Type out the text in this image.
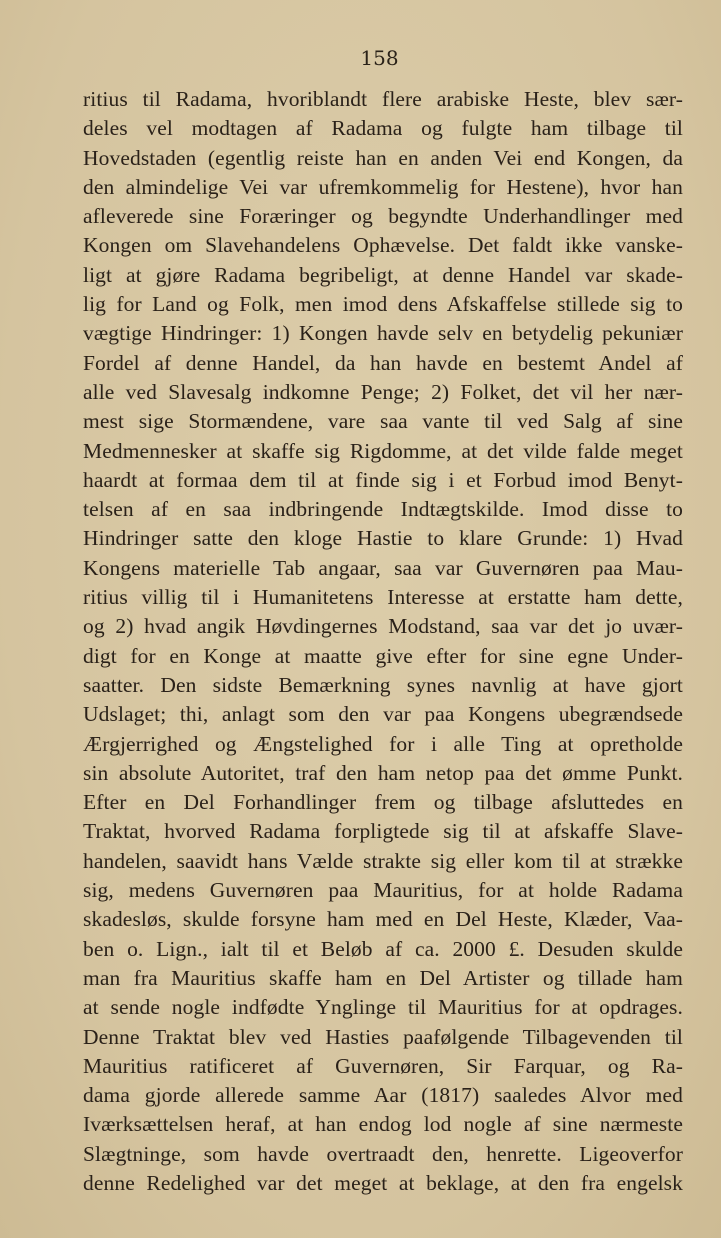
158
ritius til Radama, hvoriblandt flere arabiske Heste, blev sær-
deles vel modtagen af Radama og fulgte ham tilbage til
Hovedstaden (egentlig reiste han en anden Vei end Kongen, da
den almindelige Vei var ufremkommelig for Hestene), hvor han
afleverede sine Foræringer og begyndte Underhandlinger med
Kongen om Slavehandelens Ophævelse. Det faldt ikke vanske-
ligt at gjøre Radama begribeligt, at denne Handel var skade-
lig for Land og Folk, men imod dens Afskaffelse stillede sig to
vægtige Hindringer: 1) Kongen havde selv en betydelig pekuniær
Fordel af denne Handel, da han havde en bestemt Andel af
alle ved Slavesalg indkomne Penge; 2) Folket, det vil her nær-
mest sige Stormændene, vare saa vante til ved Salg af sine
Medmennesker at skaffe sig Rigdomme, at det vilde falde meget
haardt at formaa dem til at finde sig i et Forbud imod Benyt-
telsen af en saa indbringende Indtægtskilde. Imod disse to
Hindringer satte den kloge Hastie to klare Grunde: 1) Hvad
Kongens materielle Tab angaar, saa var Guvernøren paa Mau-
ritius villig til i Humanitetens Interesse at erstatte ham dette,
og 2) hvad angik Høvdingernes Modstand, saa var det jo uvær-
digt for en Konge at maatte give efter for sine egne Under-
saatter. Den sidste Bemærkning synes navnlig at have gjort
Udslaget; thi, anlagt som den var paa Kongens ubegrændsede
Ærgjerrighed og Ængstelighed for i alle Ting at opretholde
sin absolute Autoritet, traf den ham netop paa det ømme Punkt.
Efter en Del Forhandlinger frem og tilbage afsluttedes en
Traktat, hvorved Radama forpligtede sig til at afskaffe Slave-
handelen, saavidt hans Vælde strakte sig eller kom til at strække
sig, medens Guvernøren paa Mauritius, for at holde Radama
skadesløs, skulde forsyne ham med en Del Heste, Klæder, Vaa-
ben o. Lign., ialt til et Beløb af ca. 2000 £. Desuden skulde
man fra Mauritius skaffe ham en Del Artister og tillade ham
at sende nogle indfødte Ynglinge til Mauritius for at opdrages.
Denne Traktat blev ved Hasties paafølgende Tilbagevenden til
Mauritius ratificeret af Guvernøren, Sir Farquar, og Ra-
dama gjorde allerede samme Aar (1817) saaledes Alvor med
Iværksættelsen heraf, at han endog lod nogle af sine nærmeste
Slægtninge, som havde overtraadt den, henrette. Ligeoverfor
denne Redelighed var det meget at beklage, at den fra engelsk
